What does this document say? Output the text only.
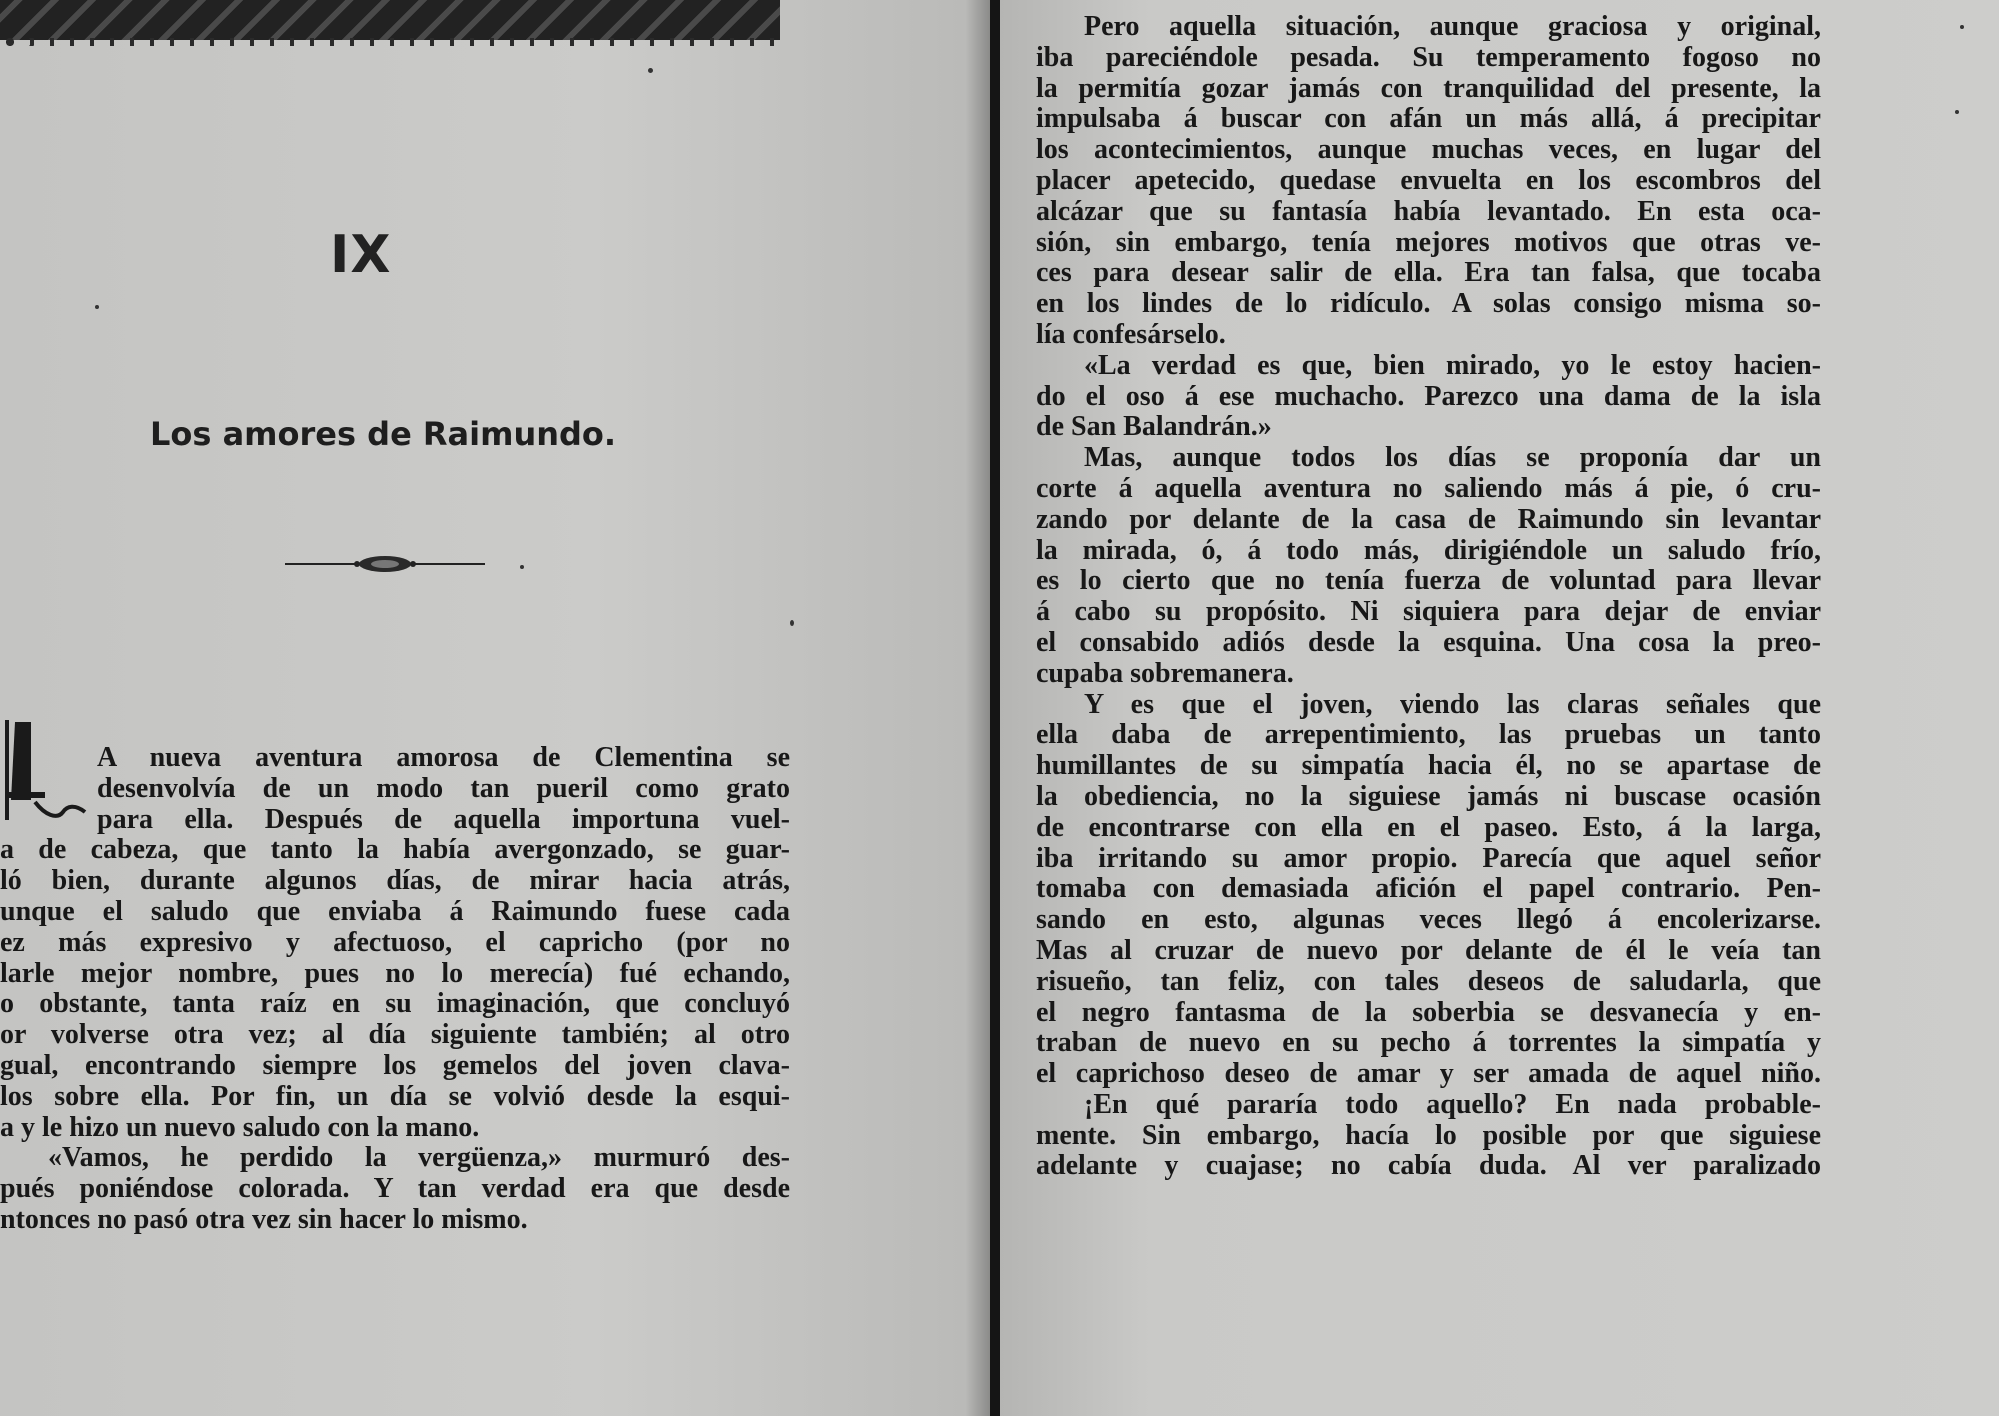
IX
Los amores de Raimundo.
A nueva aventura amorosa de Clementina se
desenvolvía de un modo tan pueril como grato
para ella. Después de aquella importuna vuel-
a de cabeza, que tanto la había avergonzado, se guar-
ló bien, durante algunos días, de mirar hacia atrás,
unque el saludo que enviaba á Raimundo fuese cada
ez más expresivo y afectuoso, el capricho (por no
larle mejor nombre, pues no lo merecía) fué echando,
o obstante, tanta raíz en su imaginación, que concluyó
or volverse otra vez; al día siguiente también; al otro
gual, encontrando siempre los gemelos del joven clava-
los sobre ella. Por fin, un día se volvió desde la esqui-
a y le hizo un nuevo saludo con la mano.
«Vamos, he perdido la vergüenza,» murmuró des-
pués poniéndose colorada. Y tan verdad era que desde
ntonces no pasó otra vez sin hacer lo mismo.
Pero aquella situación, aunque graciosa y original,
iba pareciéndole pesada. Su temperamento fogoso no
la permitía gozar jamás con tranquilidad del presente, la
impulsaba á buscar con afán un más allá, á precipitar
los acontecimientos, aunque muchas veces, en lugar del
placer apetecido, quedase envuelta en los escombros del
alcázar que su fantasía había levantado. En esta oca-
sión, sin embargo, tenía mejores motivos que otras ve-
ces para desear salir de ella. Era tan falsa, que tocaba
en los lindes de lo ridículo. A solas consigo misma so-
lía confesárselo.
«La verdad es que, bien mirado, yo le estoy hacien-
do el oso á ese muchacho. Parezco una dama de la isla
de San Balandrán.»
Mas, aunque todos los días se proponía dar un
corte á aquella aventura no saliendo más á pie, ó cru-
zando por delante de la casa de Raimundo sin levantar
la mirada, ó, á todo más, dirigiéndole un saludo frío,
es lo cierto que no tenía fuerza de voluntad para llevar
á cabo su propósito. Ni siquiera para dejar de enviar
el consabido adiós desde la esquina. Una cosa la preo-
cupaba sobremanera.
Y es que el joven, viendo las claras señales que
ella daba de arrepentimiento, las pruebas un tanto
humillantes de su simpatía hacia él, no se apartase de
la obediencia, no la siguiese jamás ni buscase ocasión
de encontrarse con ella en el paseo. Esto, á la larga,
iba irritando su amor propio. Parecía que aquel señor
tomaba con demasiada afición el papel contrario. Pen-
sando en esto, algunas veces llegó á encolerizarse.
Mas al cruzar de nuevo por delante de él le veía tan
risueño, tan feliz, con tales deseos de saludarla, que
el negro fantasma de la soberbia se desvanecía y en-
traban de nuevo en su pecho á torrentes la simpatía y
el caprichoso deseo de amar y ser amada de aquel niño.
¡En qué pararía todo aquello? En nada probable-
mente. Sin embargo, hacía lo posible por que siguiese
adelante y cuajase; no cabía duda. Al ver paralizado
